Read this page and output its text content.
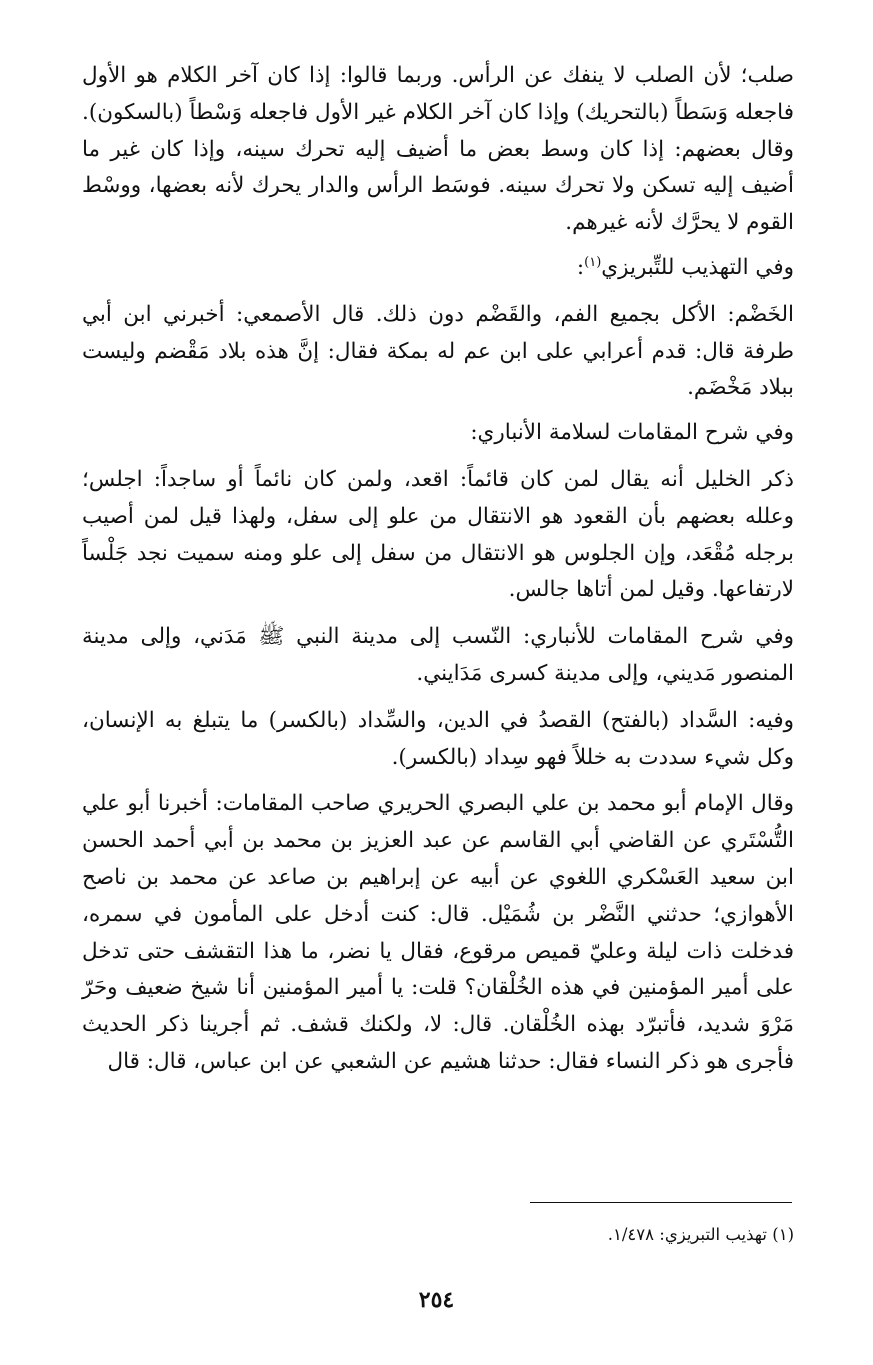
صلب؛ لأن الصلب لا ينفك عن الرأس. وربما قالوا: إذا كان آخر الكلام هو الأول فاجعله وَسَطاً (بالتحريك) وإذا كان آخر الكلام غير الأول فاجعله وَسْطاً (بالسكون). وقال بعضهم: إذا كان وسط بعض ما أضيف إليه تحرك سينه، وإذا كان غير ما أضيف إليه تسكن ولا تحرك سينه. فوسَط الرأس والدار يحرك لأنه بعضها، ووسْط القوم لا يحرَّك لأنه غيرهم.

وفي التهذيب للتِّبريزي$^{(١)}$:

الخَضْم: الأكل بجميع الفم، والقَضْم دون ذلك. قال الأصمعي: أخبرني ابن أبي طرفة قال: قدم أعرابي على ابن عم له بمكة فقال: إنَّ هذه بلاد مَقْضم وليست ببلاد مَخْضَم.

وفي شرح المقامات لسلامة الأنباري:

ذكر الخليل أنه يقال لمن كان قائماً: اقعد، ولمن كان نائماً أو ساجداً: اجلس؛ وعلله بعضهم بأن القعود هو الانتقال من علو إلى سفل، ولهذا قيل لمن أصيب برجله مُقْعَد، وإن الجلوس هو الانتقال من سفل إلى علو ومنه سميت نجد جَلْساً لارتفاعها. وقيل لمن أتاها جالس.

وفي شرح المقامات للأنباري: النّسب إلى مدينة النبي ﷺ مَدَني، وإلى مدينة المنصور مَديني، وإلى مدينة كسرى مَدَايني.

وفيه: السَّداد (بالفتح) القصدُ في الدين، والسِّداد (بالكسر) ما يتبلغ به الإنسان، وكل شيء سددت به خللاً فهو سِداد (بالكسر).

وقال الإمام أبو محمد بن علي البصري الحريري صاحب المقامات: أخبرنا أبو علي التُّسْتَري عن القاضي أبي القاسم عن عبد العزيز بن محمد بن أبي أحمد الحسن ابن سعيد العَسْكري اللغوي عن أبيه عن إبراهيم بن صاعد عن محمد بن ناصح الأهوازي؛ حدثني النَّضْر بن شُمَيْل. قال: كنت أدخل على المأمون في سمره، فدخلت ذات ليلة وعليّ قميص مرقوع، فقال يا نضر، ما هذا التقشف حتى تدخل على أمير المؤمنين في هذه الخُلْقان؟ قلت: يا أمير المؤمنين أنا شيخ ضعيف وحَرّ مَرْوَ شديد، فأتبرّد بهذه الخُلْقان. قال: لا، ولكنك قشف. ثم أجرينا ذكر الحديث فأجرى هو ذكر النساء فقال: حدثنا هشيم عن الشعبي عن ابن عباس، قال: قال

(١) تهذيب التبريزي: ١/٤٧٨.
٢٥٤
